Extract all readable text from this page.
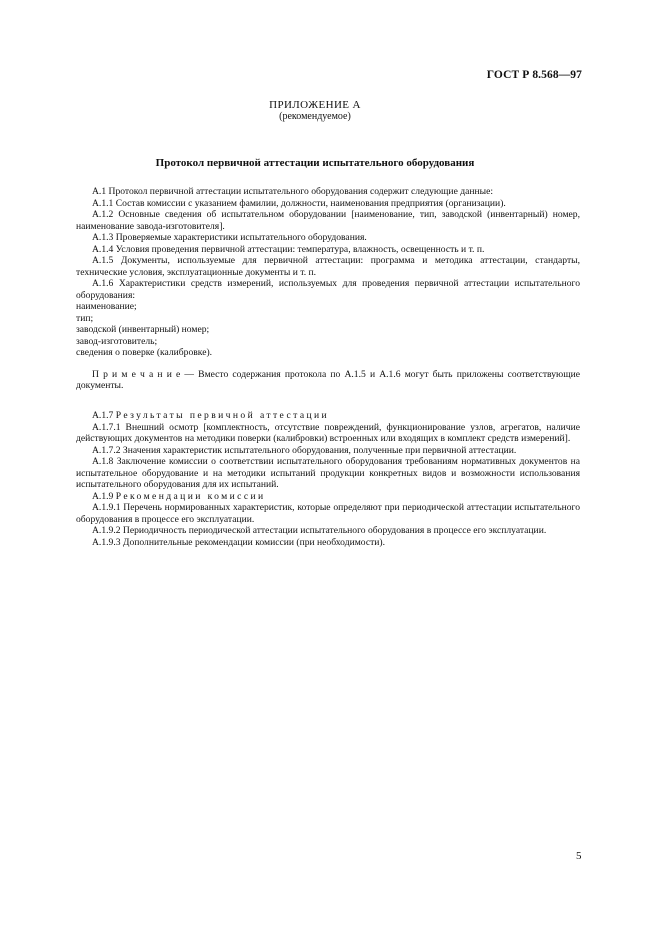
ГОСТ Р 8.568—97
ПРИЛОЖЕНИЕ А
(рекомендуемое)
Протокол первичной аттестации испытательного оборудования

А.1 Протокол первичной аттестации испытательного оборудования содержит следующие данные:

А.1.1 Состав комиссии с указанием фамилии, должности, наименования предприятия (организации).

А.1.2 Основные сведения об испытательном оборудовании [наименование, тип, заводской (инвентарный) номер, наименование завода-изготовителя].

А.1.3 Проверяемые характеристики испытательного оборудования.

А.1.4 Условия проведения первичной аттестации: температура, влажность, освещенность и т. п.

А.1.5 Документы, используемые для первичной аттестации: программа и методика аттестации, стандарты, технические условия, эксплуатационные документы и т. п.

А.1.6 Характеристики средств измерений, используемых для проведения первичной аттестации испытательного оборудования:

наименование;

тип;

заводской (инвентарный) номер;

завод-изготовитель;

сведения о поверке (калибровке).

П р и м е ч а н и е — Вместо содержания протокола по А.1.5 и А.1.6 могут быть приложены соответствующие документы.

А.1.7 Результаты первичной аттестации

А.1.7.1 Внешний осмотр [комплектность, отсутствие повреждений, функционирование узлов, агрегатов, наличие действующих документов на методики поверки (калибровки) встроенных или входящих в комплект средств измерений].

А.1.7.2 Значения характеристик испытательного оборудования, полученные при первичной аттестации.

А.1.8 Заключение комиссии о соответствии испытательного оборудования требованиям нормативных документов на испытательное оборудование и на методики испытаний продукции конкретных видов и возможности использования испытательного оборудования для их испытаний.

А.1.9 Рекомендации комиссии

А.1.9.1 Перечень нормированных характеристик, которые определяют при периодической аттестации испытательного оборудования в процессе его эксплуатации.

А.1.9.2 Периодичность периодической аттестации испытательного оборудования в процессе его эксплуатации.

А.1.9.3 Дополнительные рекомендации комиссии (при необходимости).

5
